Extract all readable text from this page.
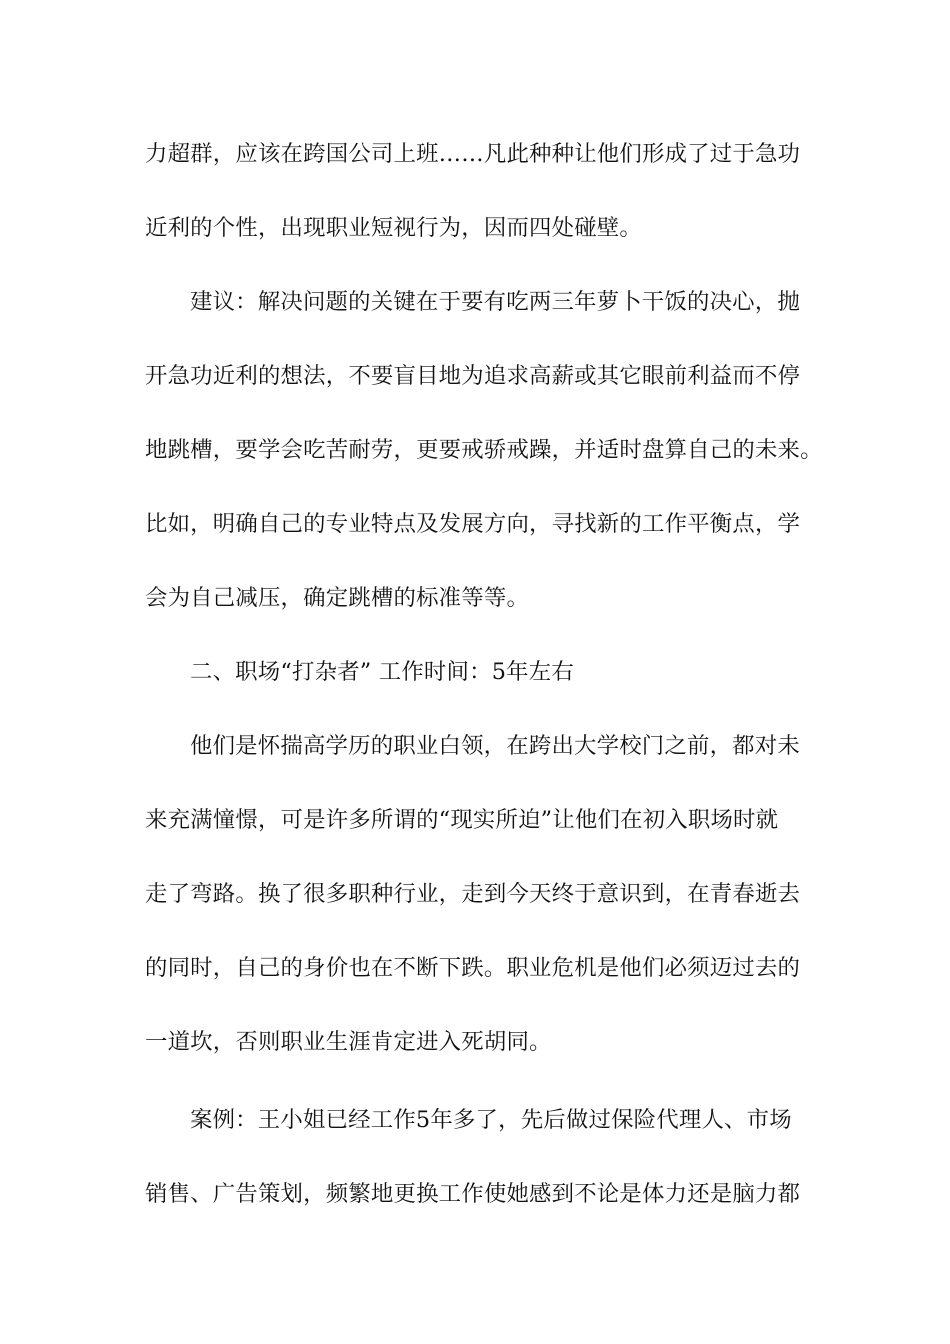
力超群，应该在跨国公司上班……凡此种种让他们形成了过于急功
近利的个性，出现职业短视行为，因而四处碰壁。
建议：解决问题的关键在于要有吃两三年萝卜干饭的决心，抛
开急功近利的想法，不要盲目地为追求高薪或其它眼前利益而不停
地跳槽，要学会吃苦耐劳，更要戒骄戒躁，并适时盘算自己的未来。
比如，明确自己的专业特点及发展方向，寻找新的工作平衡点，学
会为自己减压，确定跳槽的标准等等。
二、职场“打杂者” 工作时间：5年左右
他们是怀揣高学历的职业白领，在跨出大学校门之前，都对未
来充满憧憬，可是许多所谓的“现实所迫”让他们在初入职场时就
走了弯路。换了很多职种行业，走到今天终于意识到，在青春逝去
的同时，自己的身价也在不断下跌。职业危机是他们必须迈过去的
一道坎，否则职业生涯肯定进入死胡同。
案例：王小姐已经工作5年多了，先后做过保险代理人、市场
销售、广告策划，频繁地更换工作使她感到不论是体力还是脑力都
